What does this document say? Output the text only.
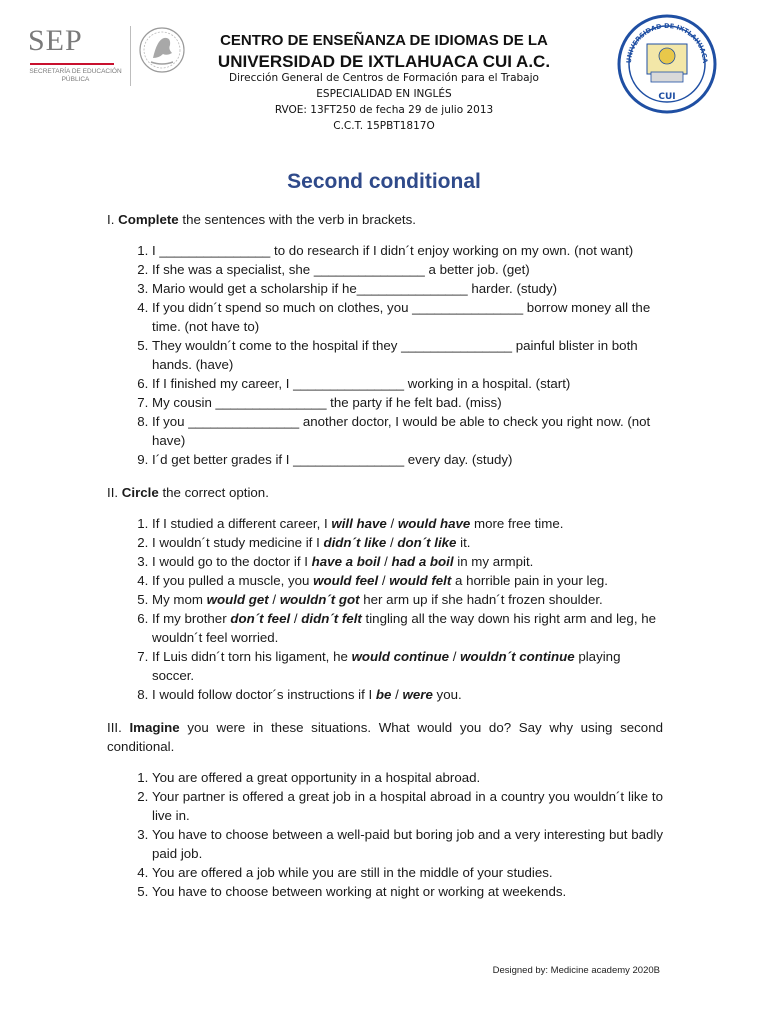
SEP
SECRETARÍA DE EDUCACIÓN PÚBLICA
UNIVERSIDAD DE IXTLAHUACA
CUI
CENTRO DE ENSEÑANZA DE IDIOMAS DE LA
UNIVERSIDAD DE IXTLAHUACA CUI A.C.
Dirección General de Centros de Formación para el Trabajo
ESPECIALIDAD EN INGLÉS
RVOE: 13FT250 de fecha 29 de julio 2013
C.C.T. 15PBT1817O
Second conditional

I. Complete the sentences with the verb in brackets.

1. I _______________ to do research if I didn´t enjoy working on my own. (not want)
2. If she was a specialist, she _______________ a better job. (get)
3. Mario would get a scholarship if he_______________ harder. (study)
4. If you didn´t spend so much on clothes, you _______________ borrow money all the time. (not have to)
5. They wouldn´t come to the hospital if they _______________ painful blister in both hands. (have)
6. If I finished my career, I _______________ working in a hospital. (start)
7. My cousin _______________ the party if he felt bad. (miss)
8. If you _______________ another doctor, I would be able to check you right now. (not have)
9. I´d get better grades if I _______________ every day. (study)

II. Circle the correct option.

1. If I studied a different career, I will have / would have more free time.
2. I wouldn´t study medicine if I didn´t like / don´t like it.
3. I would go to the doctor if I have a boil / had a boil in my armpit.
4. If you pulled a muscle, you would feel / would felt a horrible pain in your leg.
5. My mom would get / wouldn´t got her arm up if she hadn´t frozen shoulder.
6. If my brother don´t feel / didn´t felt tingling all the way down his right arm and leg, he wouldn´t feel worried.
7. If Luis didn´t torn his ligament, he would continue / wouldn´t continue playing soccer.
8. I would follow doctor´s instructions if I be / were you.

III. Imagine you were in these situations. What would you do? Say why using second conditional.

1. You are offered a great opportunity in a hospital abroad.
2. Your partner is offered a great job in a hospital abroad in a country you wouldn´t like to live in.
3. You have to choose between a well-paid but boring job and a very interesting but badly paid job.
4. You are offered a job while you are still in the middle of your studies.
5. You have to choose between working at night or working at weekends.
Designed by: Medicine academy 2020B
